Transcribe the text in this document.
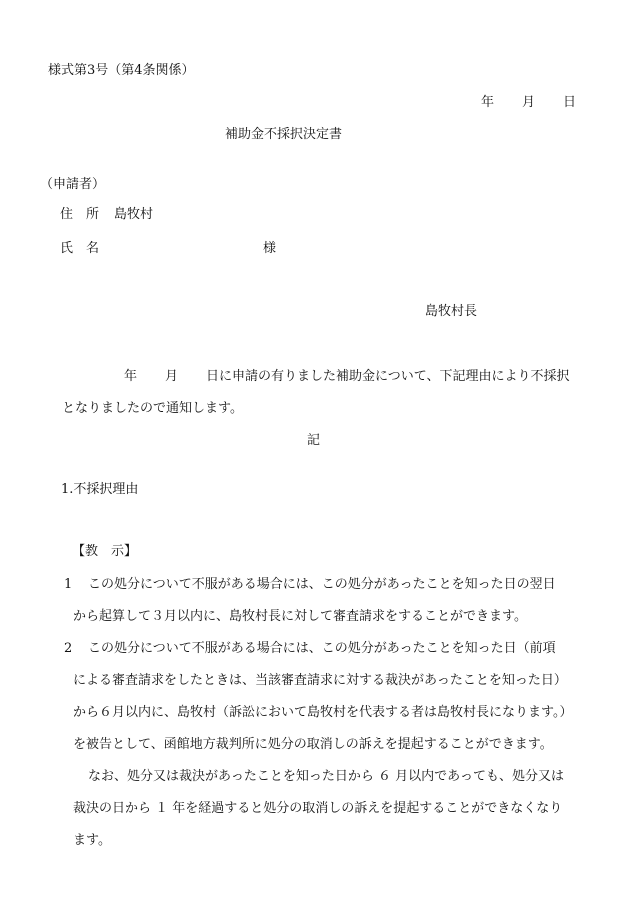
様式第3号（第4条関係）
年 月 日
補助金不採択決定書
（申請者）
住　所 島牧村
氏　名	様
島牧村長
年 月 日に申請の有りました補助金について、下記理由により不採択
となりましたので通知します。
記
1.不採択理由
【教　示】
1 この処分について不服がある場合には、この処分があったことを知った日の翌日
から起算して３月以内に、島牧村長に対して審査請求をすることができます。
2 この処分について不服がある場合には、この処分があったことを知った日（前項
による審査請求をしたときは、当該審査請求に対する裁決があったことを知った日）
から６月以内に、島牧村（訴訟において島牧村を代表する者は島牧村長になります。）
を被告として、函館地方裁判所に処分の取消しの訴えを提起することができます。
なお、処分又は裁決があったことを知った日から ６ 月以内であっても、処分又は
裁決の日から １ 年を経過すると処分の取消しの訴えを提起することができなくなり
ます。
